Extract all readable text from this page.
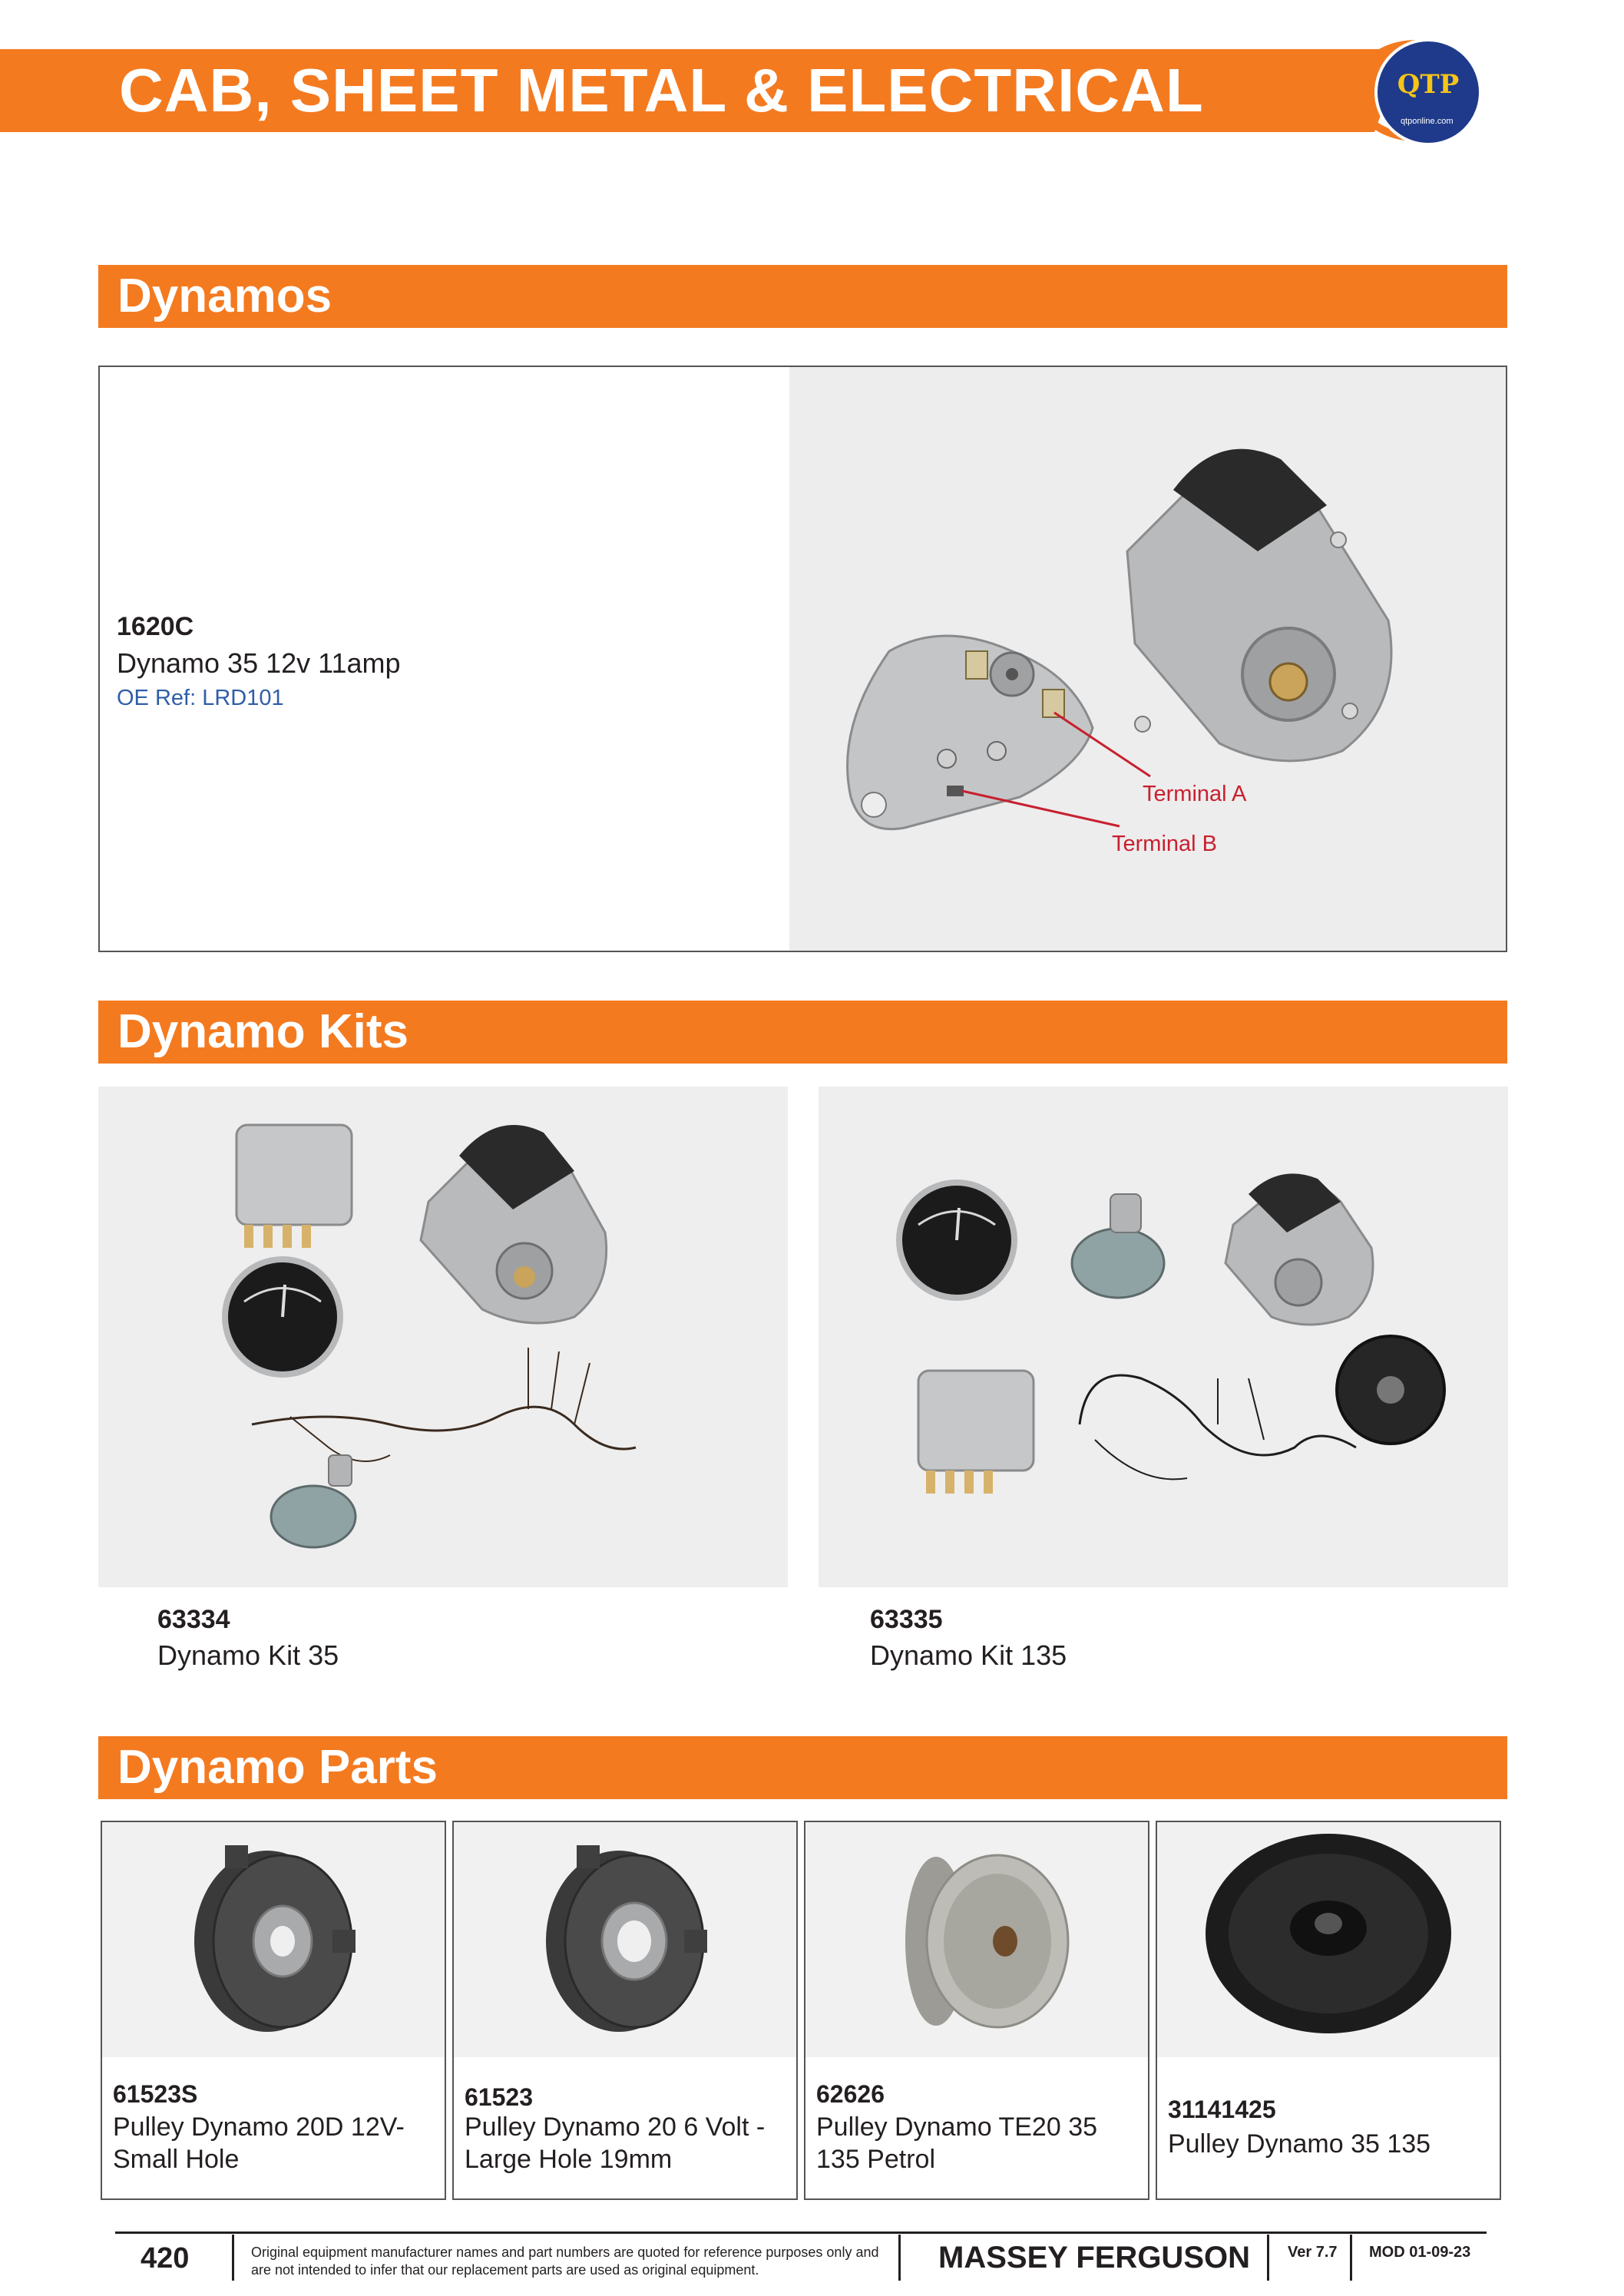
CAB, SHEET METAL & ELECTRICAL	QTP
qtponline.com
Dynamos
1620C
Dynamo 35 12v 11amp
OE Ref: LRD101
Terminal A
Terminal B
Dynamo Kits
63334
Dynamo Kit 35
63335
Dynamo Kit 135
Dynamo Parts
61523S
Pulley Dynamo 20D 12V-Small Hole
61523
Pulley Dynamo 20 6 Volt - Large Hole 19mm
62626
Pulley Dynamo TE20 35 135 Petrol
31141425
Pulley Dynamo 35 135
420	Original equipment manufacturer names and part numbers are quoted for reference purposes only and are not intended to infer that our replacement parts are used as original equipment.	MASSEY FERGUSON Ver 7.7 MOD 01-09-23
